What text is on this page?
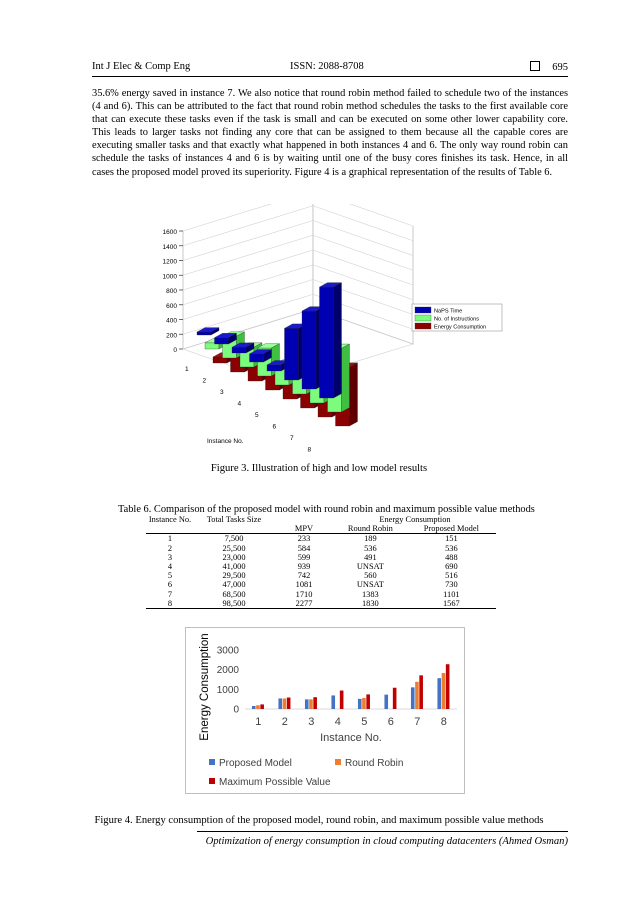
Int J Elec & Comp Eng	ISSN: 2088-8708	695
35.6% energy saved in instance 7. We also notice that round robin method failed to schedule two of the instances (4 and 6). This can be attributed to the fact that round robin method schedules the tasks to the first available core that can execute these tasks even if the task is small and can be executed on some other lower capability core. This leads to larger tasks not finding any core that can be assigned to them because all the capable cores are executing smaller tasks and that exactly what happened in both instances 4 and 6. The only way round robin can schedule the tasks of instances 4 and 6 is by waiting until one of the busy cores finishes its task. Hence, in all cases the proposed model proved its superiority. Figure 4 is a graphical representation of the results of Table 6.
1600
1400
1200
1000
800
600
400
200
0
1
2
3
4
5
6
7
8
Instance No.
NaPS Time
No. of Instructions
Energy Consumption
Figure 3. Illustration of high and low model results
Table 6. Comparison of the proposed model with round robin and maximum possible value methods
Instance No.	Total Tasks Size		Energy Consumption	
		MPV	Round Robin	Proposed Model
1	7,500	233	189	151
2	25,500	584	536	536
3	23,000	599	491	488
4	41,000	939	UNSAT	690
5	29,500	742	560	516
6	47,000	1081	UNSAT	730
7	68,500	1710	1383	1101
8	98,500	2277	1830	1567
3000
2000
1000
0
Energy Consumption	1 2 3 4 5 6 7 8
Instance No.
Proposed Model	Round Robin
Maximum Possible Value
Figure 4. Energy consumption of the proposed model, round robin, and maximum possible value methods
Optimization of energy consumption in cloud computing datacenters (Ahmed Osman)
